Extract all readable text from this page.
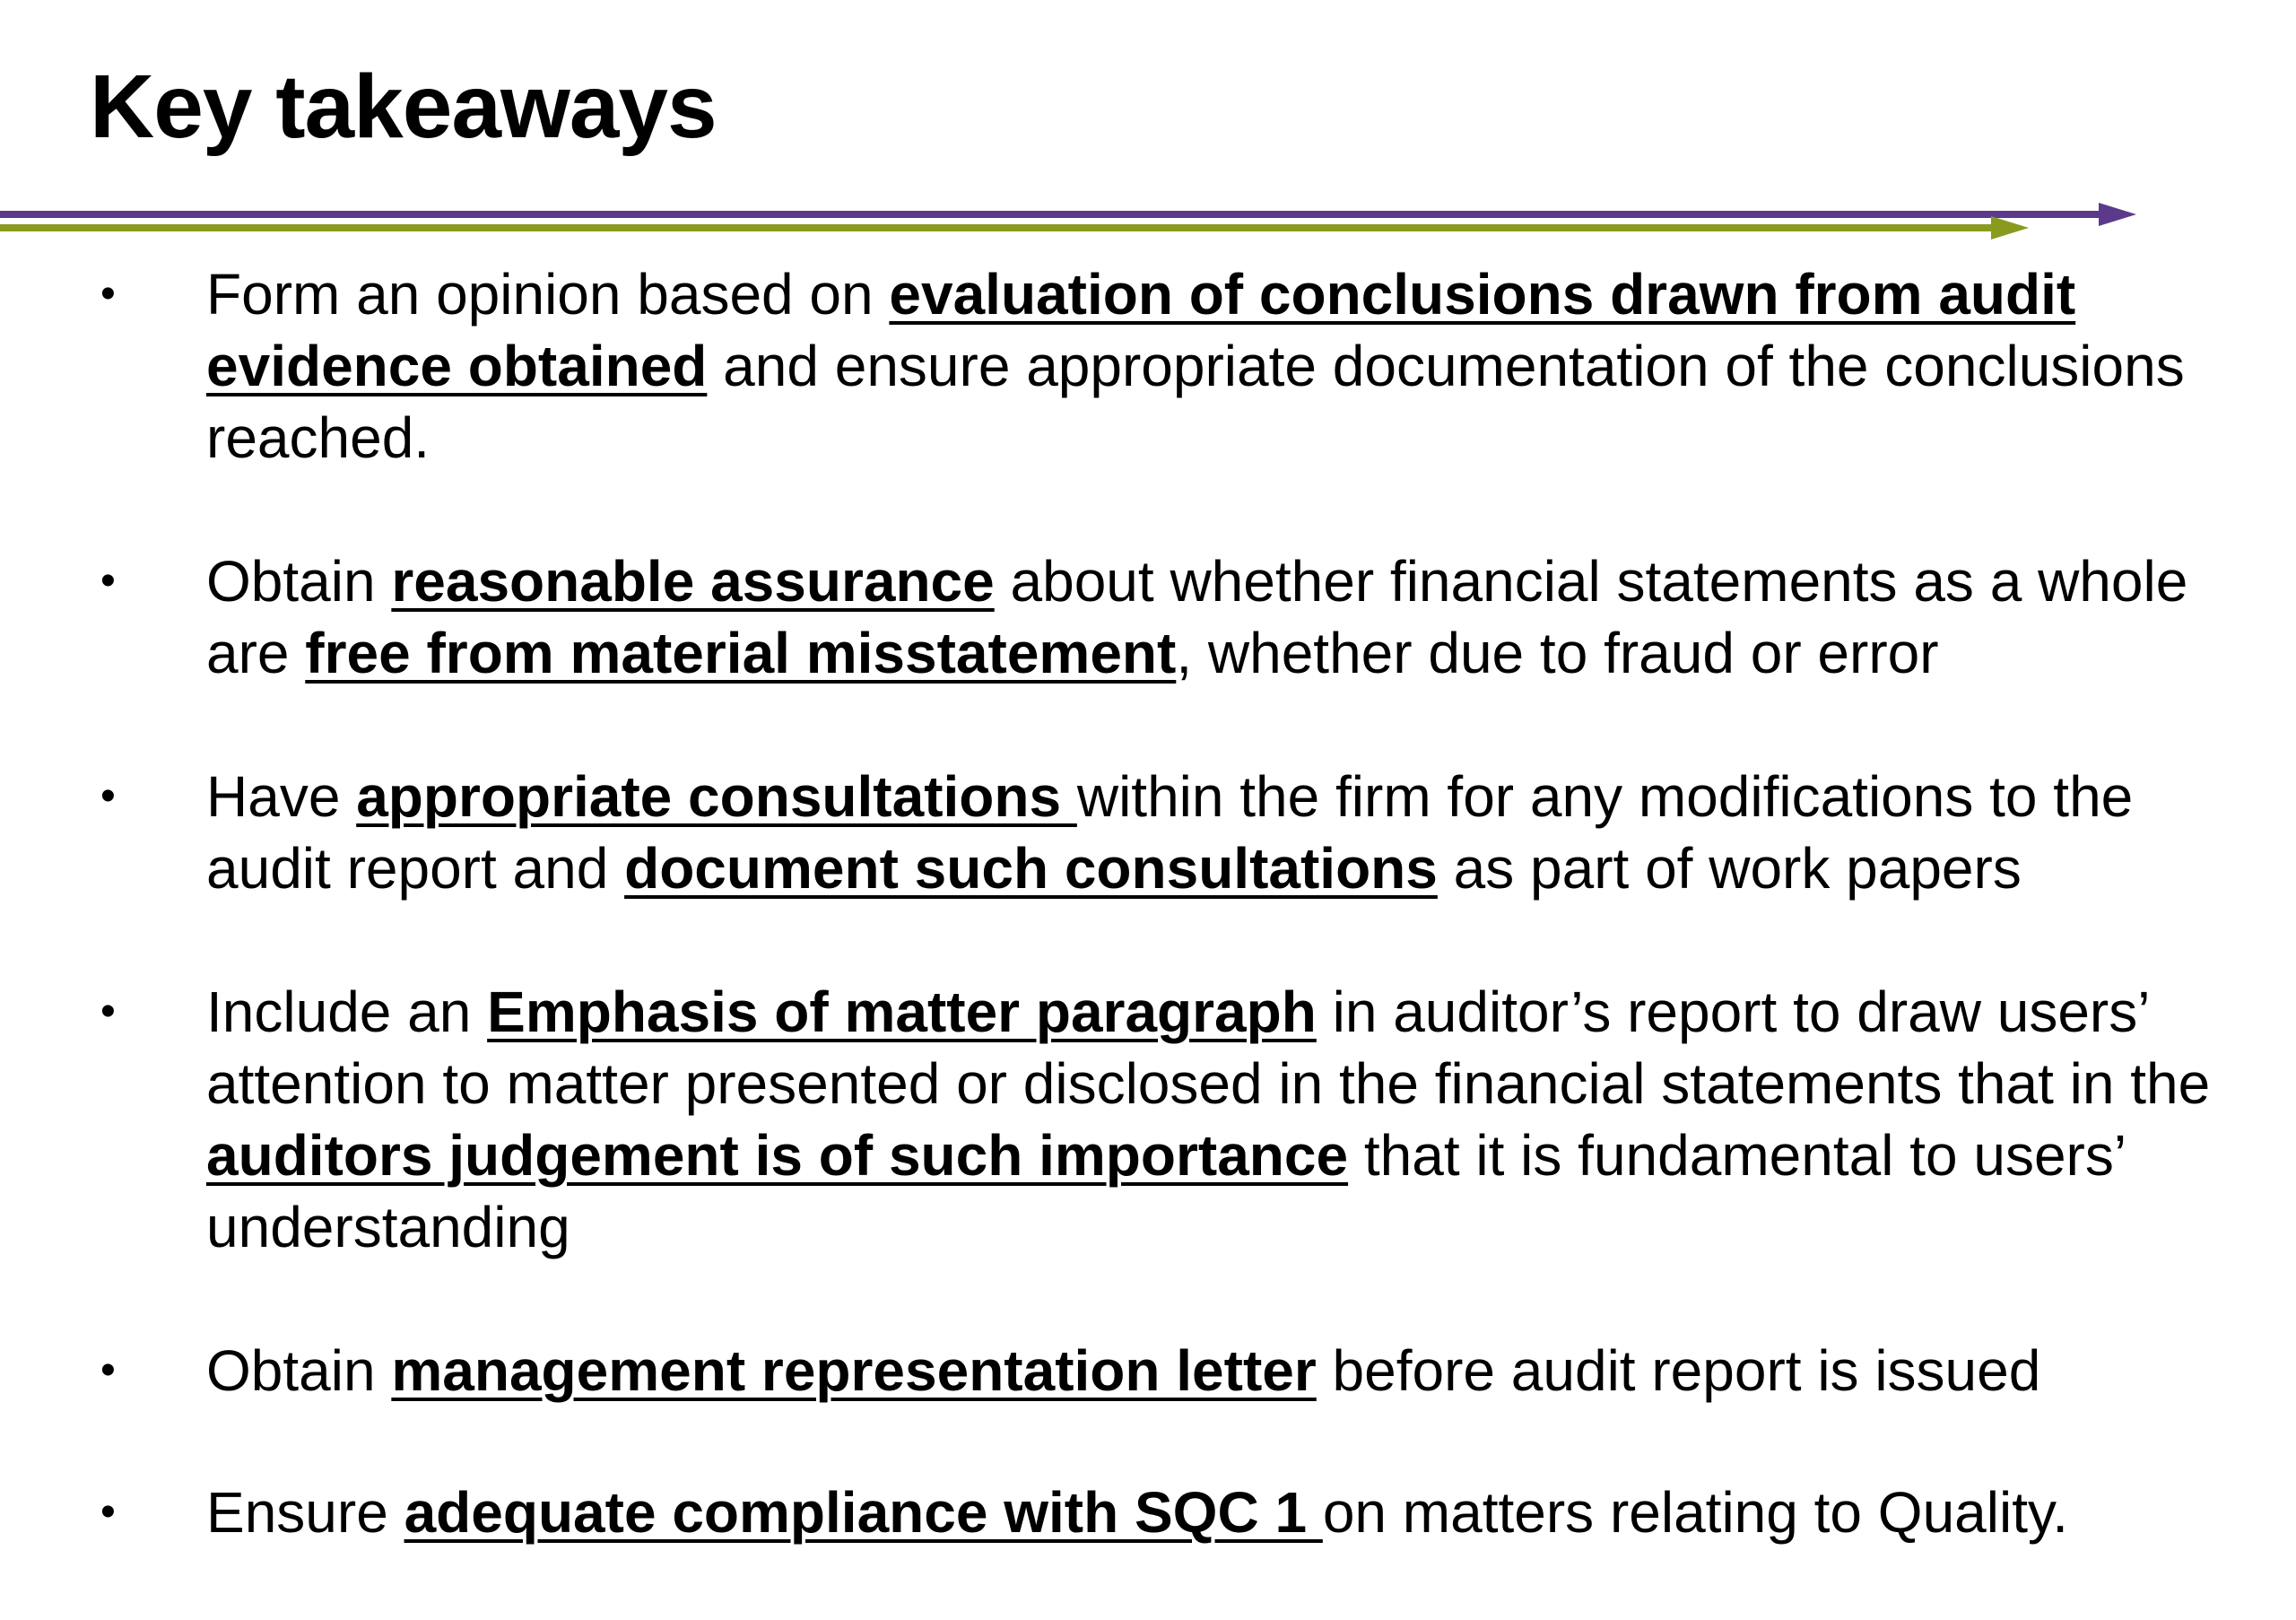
Key takeaways
• Form an opinion based on evaluation of conclusions drawn from audit evidence obtained and ensure appropriate documentation of the conclusions reached.
• Obtain reasonable assurance about whether financial statements as a whole are free from material misstatement, whether due to fraud or error
• Have appropriate consultations within the firm for any modifications to the audit report and document such consultations as part of work papers
• Include an Emphasis of matter paragraph in auditor’s report to draw users’ attention to matter presented or disclosed in the financial statements that in the auditors judgement is of such importance that it is fundamental to users’ understanding
• Obtain management representation letter before audit report is issued
• Ensure adequate compliance with SQC 1 on matters relating to Quality.
